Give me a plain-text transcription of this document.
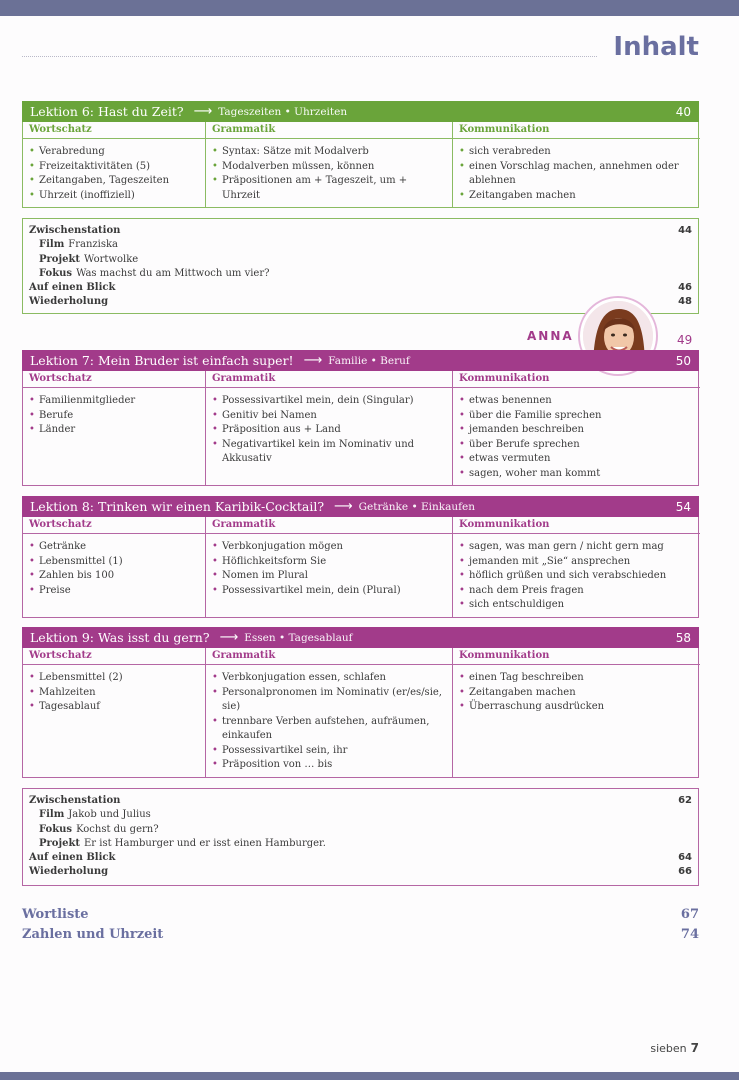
Inhalt
Lektion 6: Hast du Zeit? ⟶ Tageszeiten • Uhrzeiten	40
Wortschatz
• Verabredung
• Freizeitaktivitäten (5)
• Zeitangaben, Tageszeiten
• Uhrzeit (inoffiziell)
Grammatik
• Syntax: Sätze mit Modalverb
• Modalverben müssen, können
• Präpositionen am + Tageszeit, um + Uhrzeit
Kommunikation
• sich verabreden
• einen Vorschlag machen, annehmen oder ablehnen
• Zeitangaben machen
Zwischenstation	44
Film Franziska
Projekt Wortwolke
Fokus Was machst du am Mittwoch um vier?
Auf einen Blick	46
Wiederholung	48
ANNA	49
Lektion 7: Mein Bruder ist einfach super! ⟶ Familie • Beruf	50
Wortschatz
• Familienmitglieder
• Berufe
• Länder
Grammatik
• Possessivartikel mein, dein (Singular)
• Genitiv bei Namen
• Präposition aus + Land
• Negativartikel kein im Nominativ und Akkusativ
Kommunikation
• etwas benennen
• über die Familie sprechen
• jemanden beschreiben
• über Berufe sprechen
• etwas vermuten
• sagen, woher man kommt
Lektion 8: Trinken wir einen Karibik-Cocktail? ⟶ Getränke • Einkaufen	54
Wortschatz
• Getränke
• Lebensmittel (1)
• Zahlen bis 100
• Preise
Grammatik
• Verbkonjugation mögen
• Höflichkeitsform Sie
• Nomen im Plural
• Possessivartikel mein, dein (Plural)
Kommunikation
• sagen, was man gern / nicht gern mag
• jemanden mit „Sie“ ansprechen
• höflich grüßen und sich verabschieden
• nach dem Preis fragen
• sich entschuldigen
Lektion 9: Was isst du gern? ⟶ Essen • Tagesablauf	58
Wortschatz
• Lebensmittel (2)
• Mahlzeiten
• Tagesablauf
Grammatik
• Verbkonjugation essen, schlafen
• Personalpronomen im Nominativ (er/es/sie, sie)
• trennbare Verben aufstehen, aufräumen, einkaufen
• Possessivartikel sein, ihr
• Präposition von … bis
Kommunikation
• einen Tag beschreiben
• Zeitangaben machen
• Überraschung ausdrücken
Zwischenstation	62
Film Jakob und Julius
Fokus Kochst du gern?
Projekt Er ist Hamburger und er isst einen Hamburger.
Auf einen Blick	64
Wiederholung	66
Wortliste	67
Zahlen und Uhrzeit	74
sieben 7
